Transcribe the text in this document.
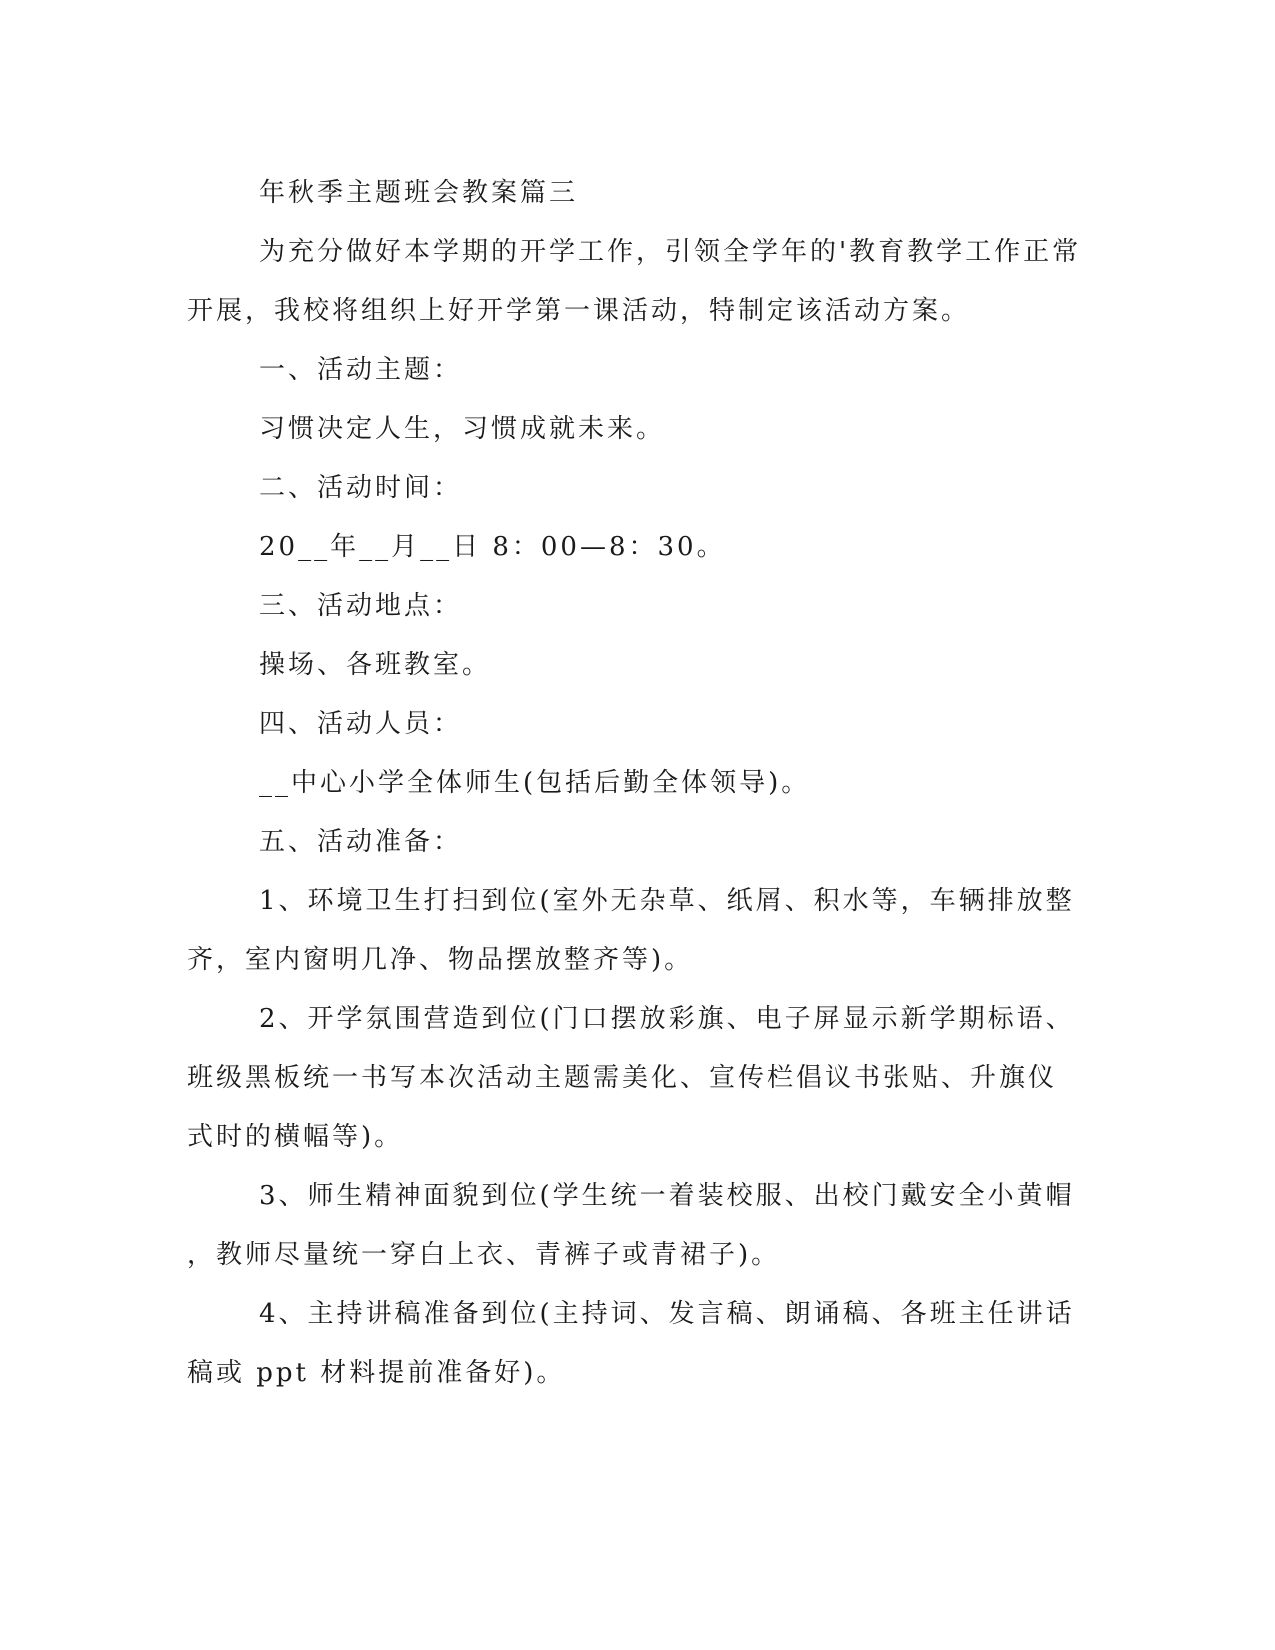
年秋季主题班会教案篇三

为充分做好本学期的开学工作，引领全学年的'教育教学工作正常

开展，我校将组织上好开学第一课活动，特制定该活动方案。

一、活动主题：

习惯决定人生，习惯成就未来。

二、活动时间：

20__年__月__日 8：00—8：30。

三、活动地点：

操场、各班教室。

四、活动人员：

__中心小学全体师生(包括后勤全体领导)。

五、活动准备：

1、环境卫生打扫到位(室外无杂草、纸屑、积水等，车辆排放整

齐，室内窗明几净、物品摆放整齐等)。

2、开学氛围营造到位(门口摆放彩旗、电子屏显示新学期标语、

班级黑板统一书写本次活动主题需美化、宣传栏倡议书张贴、升旗仪

式时的横幅等)。

3、师生精神面貌到位(学生统一着装校服、出校门戴安全小黄帽

，教师尽量统一穿白上衣、青裤子或青裙子)。

4、主持讲稿准备到位(主持词、发言稿、朗诵稿、各班主任讲话

稿或 ppt 材料提前准备好)。
